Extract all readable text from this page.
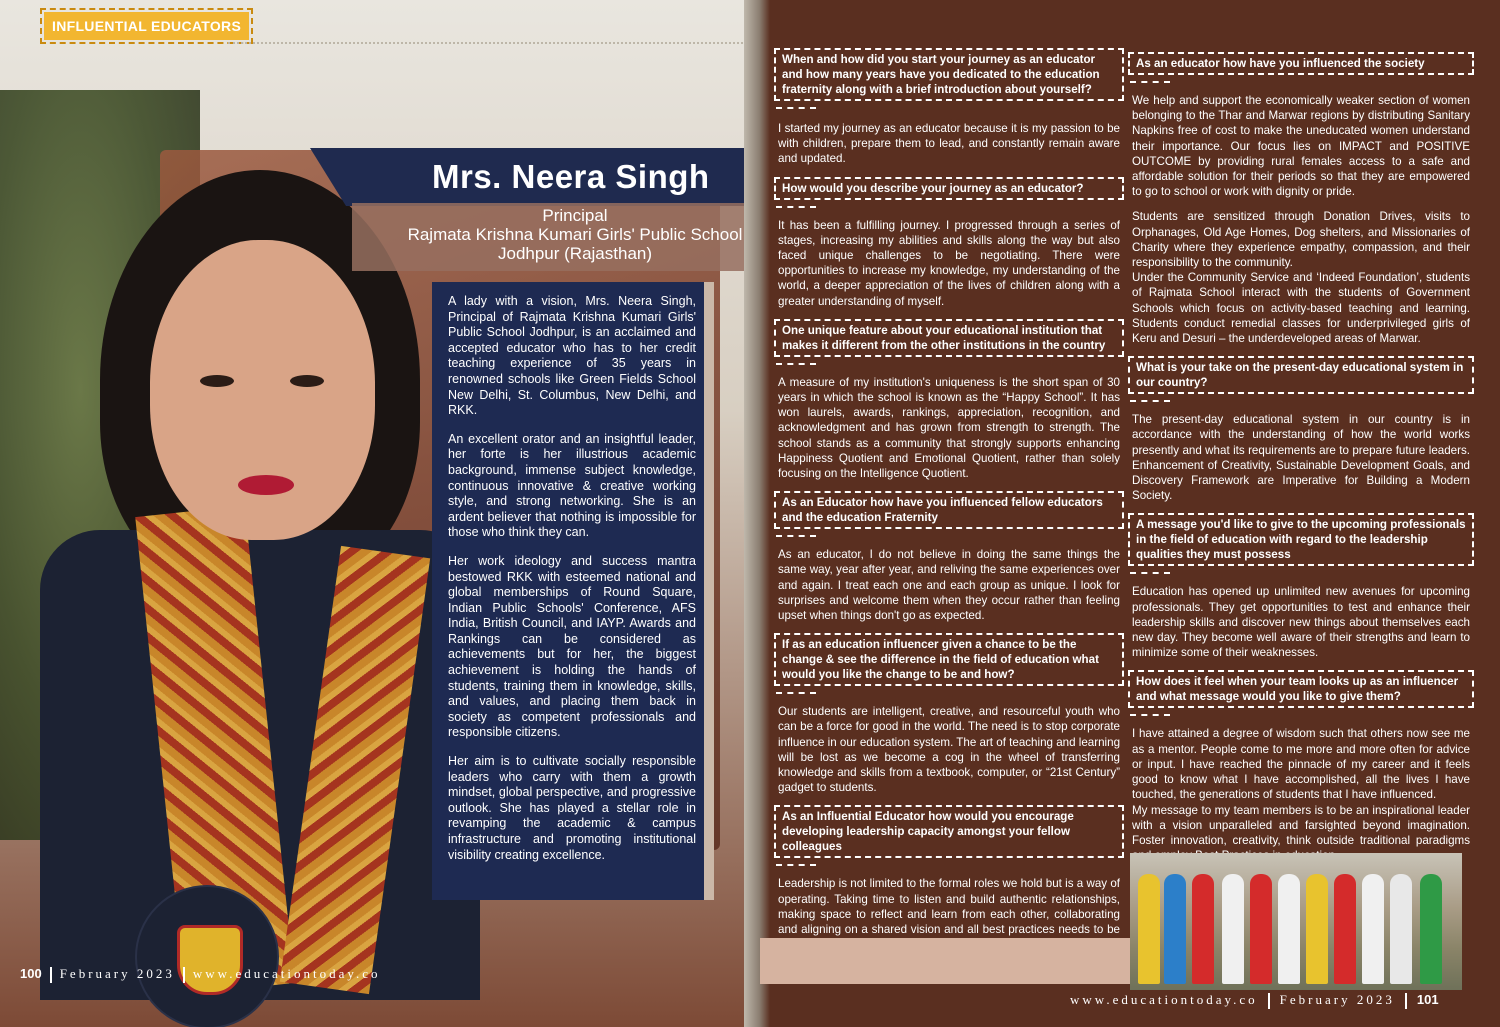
INFLUENTIAL EDUCATORS
Mrs. Neera Singh
Principal
Rajmata Krishna Kumari Girls' Public School
Jodhpur (Rajasthan)

A lady with a vision, Mrs. Neera Singh, Principal of Rajmata Krishna Kumari Girls' Public School Jodhpur, is an acclaimed and accepted educator who has to her credit teaching experience of 35 years in renowned schools like Green Fields School New Delhi, St. Columbus, New Delhi, and RKK.

An excellent orator and an insightful leader, her forte is her illustrious academic background, immense subject knowledge, continuous innovative & creative working style, and strong networking. She is an ardent believer that nothing is impossible for those who think they can.

Her work ideology and success mantra bestowed RKK with esteemed national and global memberships of Round Square, Indian Public Schools' Conference, AFS India, British Council, and IAYP. Awards and Rankings can be considered as achievements but for her, the biggest achievement is holding the hands of students, training them in knowledge, skills, and values, and placing them back in society as competent professionals and responsible citizens.

Her aim is to cultivate socially responsible leaders who carry with them a growth mindset, global perspective, and progressive outlook. She has played a stellar role in revamping the academic & campus infrastructure and promoting institutional visibility creating excellence.

100 February 2023 www.educationtoday.co
When and how did you start your journey as an educator and how many years have you dedicated to the education fraternity along with a brief introduction about yourself?
I started my journey as an educator because it is my passion to be with children, prepare them to lead, and constantly remain aware and updated.
How would you describe your journey as an educator?
It has been a fulfilling journey. I progressed through a series of stages, increasing my abilities and skills along the way but also faced unique challenges to be negotiating. There were opportunities to increase my knowledge, my understanding of the world, a deeper appreciation of the lives of children along with a greater understanding of myself.
One unique feature about your educational institution that makes it different from the other institutions in the country
A measure of my institution's uniqueness is the short span of 30 years in which the school is known as the “Happy School”. It has won laurels, awards, rankings, appreciation, recognition, and acknowledgment and has grown from strength to strength. The school stands as a community that strongly supports enhancing Happiness Quotient and Emotional Quotient, rather than solely focusing on the Intelligence Quotient.
As an Educator how have you influenced fellow educators and the education Fraternity
As an educator, I do not believe in doing the same things the same way, year after year, and reliving the same experiences over and again. I treat each one and each group as unique. I look for surprises and welcome them when they occur rather than feeling upset when things don't go as expected.
If as an education influencer given a chance to be the change & see the difference in the field of education what would you like the change to be and how?
Our students are intelligent, creative, and resourceful youth who can be a force for good in the world. The need is to stop corporate influence in our education system. The art of teaching and learning will be lost as we become a cog in the wheel of transferring knowledge and skills from a textbook, computer, or “21st Century” gadget to students.
As an Influential Educator how would you encourage developing leadership capacity amongst your fellow colleagues
Leadership is not limited to the formal roles we hold but is a way of operating. Taking time to listen and build authentic relationships, making space to reflect and learn from each other, collaborating and aligning on a shared vision and all best practices needs to be
As an educator how have you influenced the society
We help and support the economically weaker section of women belonging to the Thar and Marwar regions by distributing Sanitary Napkins free of cost to make the uneducated women understand their importance. Our focus lies on IMPACT and POSITIVE OUTCOME by providing rural females access to a safe and affordable solution for their periods so that they are empowered to go to school or work with dignity or pride.
Students are sensitized through Donation Drives, visits to Orphanages, Old Age Homes, Dog shelters, and Missionaries of Charity where they experience empathy, compassion, and their responsibility to the community.
Under the Community Service and ‘Indeed Foundation’, students of Rajmata School interact with the students of Government Schools which focus on activity-based teaching and learning. Students conduct remedial classes for underprivileged girls of Keru and Desuri – the underdeveloped areas of Marwar.
What is your take on the present-day educational system in our country?
The present-day educational system in our country is in accordance with the understanding of how the world works presently and what its requirements are to prepare future leaders. Enhancement of Creativity, Sustainable Development Goals, and Discovery Framework are Imperative for Building a Modern Society.
A message you'd like to give to the upcoming professionals in the field of education with regard to the leadership qualities they must possess
Education has opened up unlimited new avenues for upcoming professionals. They get opportunities to test and enhance their leadership skills and discover new things about themselves each new day. They become well aware of their strengths and learn to minimize some of their weaknesses.
How does it feel when your team looks up as an influencer and what message would you like to give them?
I have attained a degree of wisdom such that others now see me as a mentor. People come to me more and more often for advice or input. I have reached the pinnacle of my career and it feels good to know what I have accomplished, all the lives I have touched, the generations of students that I have influenced.
My message to my team members is to be an inspirational leader with a vision unparalleled and farsighted beyond imagination. Foster innovation, creativity, think outside traditional paradigms
www.educationtoday.co February 2023 101
